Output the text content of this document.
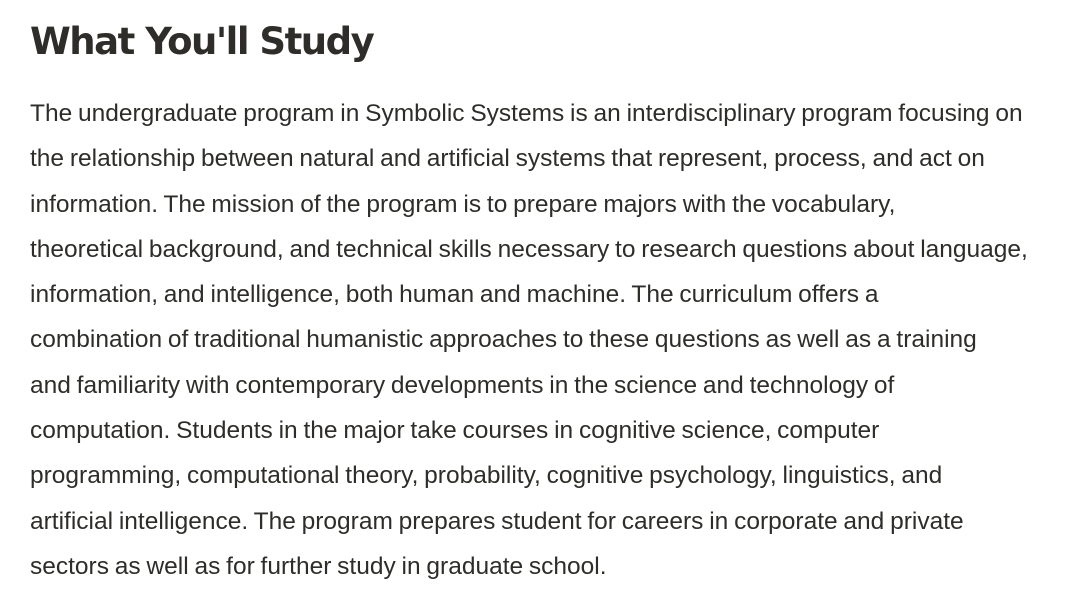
What You'll Study

The undergraduate program in Symbolic Systems is an interdisciplinary program focusing on
the relationship between natural and artificial systems that represent, process, and act on
information. The mission of the program is to prepare majors with the vocabulary,
theoretical background, and technical skills necessary to research questions about language,
information, and intelligence, both human and machine. The curriculum offers a
combination of traditional humanistic approaches to these questions as well as a training
and familiarity with contemporary developments in the science and technology of
computation. Students in the major take courses in cognitive science, computer
programming, computational theory, probability, cognitive psychology, linguistics, and
artificial intelligence. The program prepares student for careers in corporate and private
sectors as well as for further study in graduate school.
